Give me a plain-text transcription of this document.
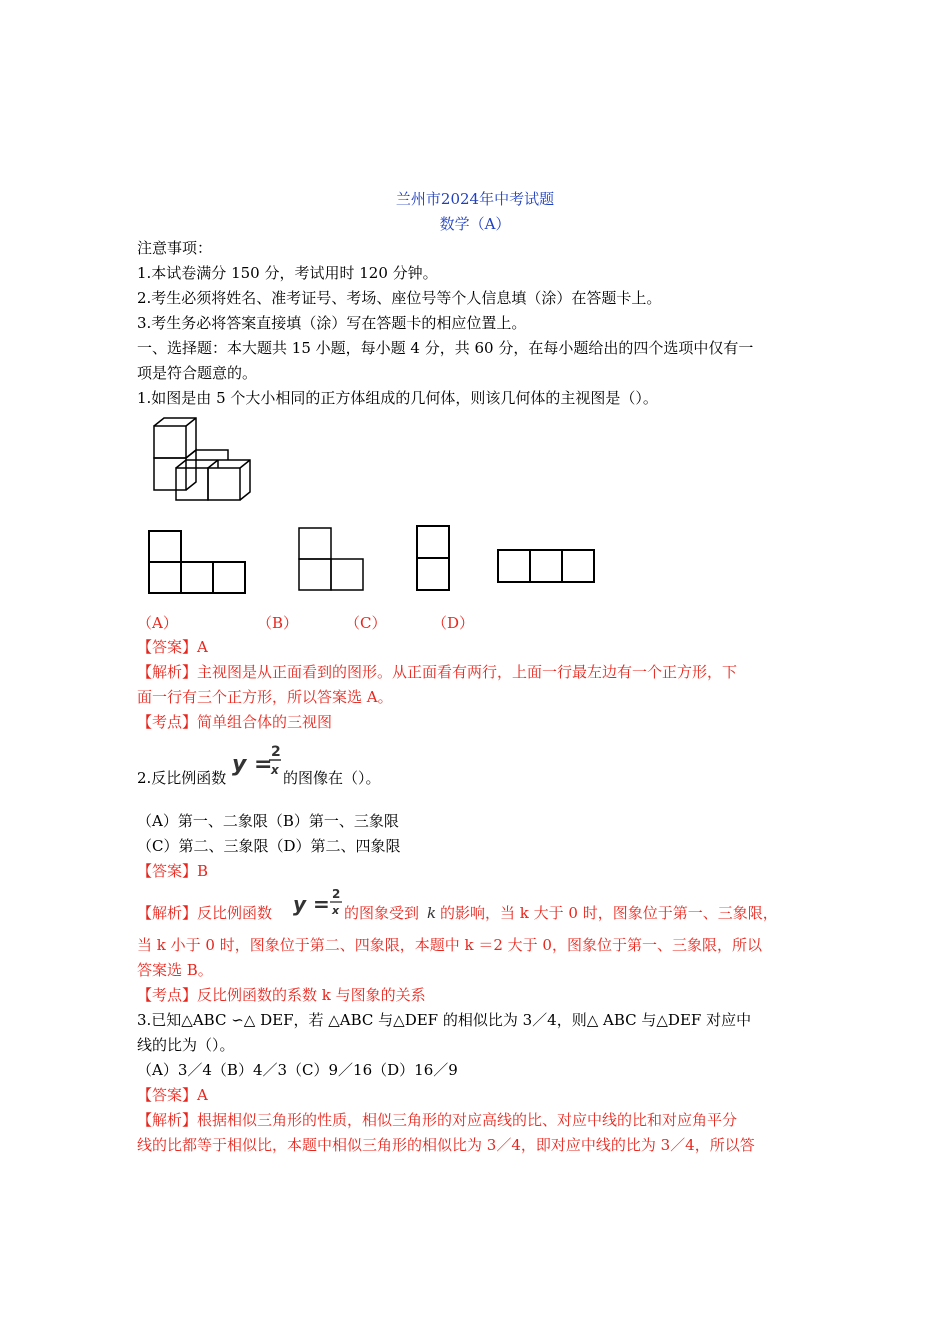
兰州市2024年中考试题
数学（A）
注意事项：
1.本试卷满分 150 分，考试用时 120 分钟。
2.考生必须将姓名、准考证号、考场、座位号等个人信息填（涂）在答题卡上。
3.考生务必将答案直接填（涂）写在答题卡的相应位置上。
一、选择题：本大题共 15 小题，每小题 4 分，共 60 分，在每小题给出的四个选项中仅有一
项是符合题意的。
1.如图是由 5 个大小相同的正方体组成的几何体，则该几何体的主视图是（）。
（A）	（B）	（C）	（D）
【答案】A
【解析】主视图是从正面看到的图形。从正面看有两行，上面一行最左边有一个正方形，下
面一行有三个正方形，所以答案选 A。
【考点】简单组合体的三视图
2.反比例函数
y =
2
x 的图像在（）。
（A）第一、二象限（B）第一、三象限
（C）第二、三象限（D）第二、四象限
【答案】B
【解析】反比例函数 y = 2
x 的图象受到 k 的影响，当 k 大于 0 时，图象位于第一、三象限，
当 k 小于 0 时，图象位于第二、四象限，本题中 k ＝2 大于 0，图象位于第一、三象限，所以
答案选 B。
【考点】反比例函数的系数 k 与图象的关系
3.已知△ABC ∽△ DEF，若 △ABC 与△DEF 的相似比为 3／4，则△ ABC 与△DEF 对应中
线的比为（）。
（A）3／4（B）4／3（C）9／16（D）16／9
【答案】A
【解析】根据相似三角形的性质，相似三角形的对应高线的比、对应中线的比和对应角平分
线的比都等于相似比，本题中相似三角形的相似比为 3／4，即对应中线的比为 3／4，所以答
